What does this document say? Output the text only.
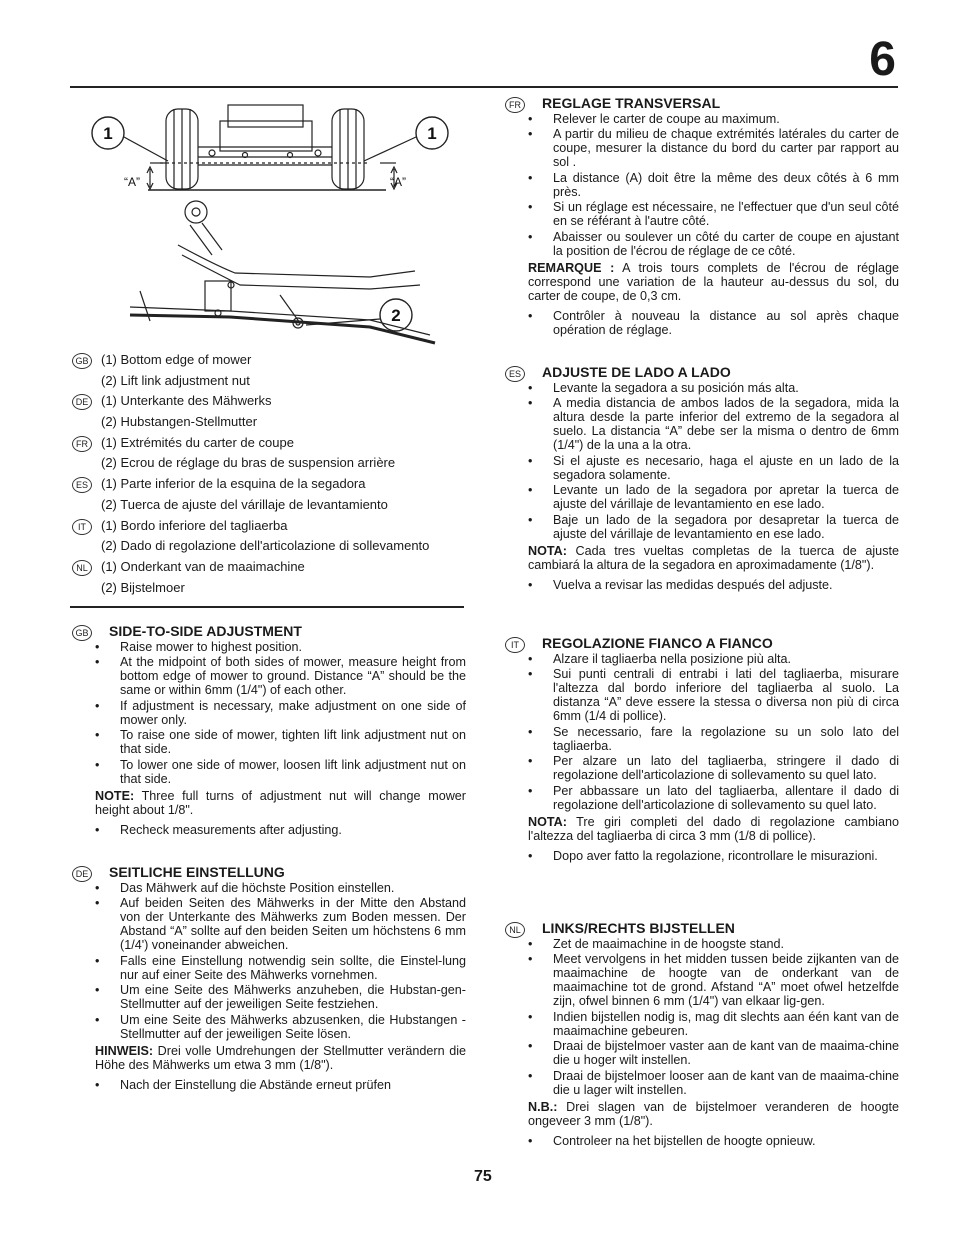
6
1	1
2
“A”	“A”
GB (1) Bottom edge of mower
(2) Lift link adjustment nut
DE (1) Unterkante des Mähwerks
(2) Hubstangen-Stellmutter
FR	(1) Extrémités du carter de coupe
(2) Ecrou de réglage du bras de suspension arrière
ES	(1) Parte inferior de la esquina de la segadora
(2) Tuerca de ajuste del várillaje de levantamiento
IT	(1) Bordo inferiore del tagliaerba
(2) Dado di regolazione dell'articolazione di sollevamento
NL	(1) Onderkant van de maaimachine
(2) Bijstelmoer
GB SIDE-TO-SIDE ADJUSTMENT
• Raise mower to highest position.
• At the midpoint of both sides of mower, measure height from bottom edge of mower to ground. Distance “A” should be the same or within 6mm (1/4") of each other.
• If adjustment is necessary, make adjustment on one side of mower only.
• To raise one side of mower, tighten lift link adjustment nut on that side.
• To lower one side of mower, loosen lift link adjustment nut on that side.
NOTE: Three full turns of adjustment nut will change mower height about 1/8".
• Recheck measurements after adjusting.
DE SEITLICHE EINSTELLUNG
• Das Mähwerk auf die höchste Position einstellen.
• Auf beiden Seiten des Mähwerks in der Mitte den Abstand von der Unterkante des Mähwerks zum Boden messen. Der Abstand “A” sollte auf den beiden Seiten um höchstens 6 mm (1/4') voneinander abweichen.
• Falls eine Einstellung notwendig sein sollte, die Einstel-lung nur auf einer Seite des Mähwerks vornehmen.
• Um eine Seite des Mähwerks anzuheben, die Hubstan-gen-Stellmutter auf der jeweiligen Seite festziehen.
• Um eine Seite des Mähwerks abzusenken, die Hubstangen -Stellmutter auf der jeweiligen Seite lösen.
HINWEIS: Drei volle Umdrehungen der Stellmutter verändern die Höhe des Mähwerks um etwa 3 mm (1/8").
• Nach der Einstellung die Abstände erneut prüfen
FR REGLAGE TRANSVERSAL
• Relever le carter de coupe au maximum.
• A partir du milieu de chaque extrémités latérales du carter de coupe, mesurer la distance du bord du carter par rapport au sol .
• La distance (A) doit être la même des deux côtés à 6 mm près.
• Si un réglage est nécessaire, ne l'effectuer que d'un seul côté en se référant à l'autre côté.
• Abaisser ou soulever un côté du carter de coupe en ajustant la position de l'écrou de réglage de ce côté.
REMARQUE : A trois tours complets de l'écrou de réglage correspond une variation de la hauteur au-dessus du sol, du carter de coupe, de 0,3 cm.
• Contrôler à nouveau la distance au sol après chaque opération de réglage.
ES ADJUSTE DE LADO A LADO
• Levante la segadora a su posición más alta.
• A media distancia de ambos lados de la segadora, mida la altura desde la parte inferior del extremo de la segadora al suelo. La distancia “A” debe ser la misma o dentro de 6mm (1/4") de la una a la otra.
• Si el ajuste es necesario, haga el ajuste en un lado de la segadora solamente.
• Levante un lado de la segadora por apretar la tuerca de ajuste del várillaje de levantamiento en ese lado.
• Baje un lado de la segadora por desapretar la tuerca de ajuste del várillaje de levantamiento en ese lado.
NOTA: Cada tres vueltas completas de la tuerca de ajuste cambiará la altura de la segadora en aproximadamente (1/8").
• Vuelva a revisar las medidas después del adjuste.
IT	REGOLAZIONE FIANCO A FIANCO
• Alzare il tagliaerba nella posizione più alta.
• Sui punti centrali di entrabi i lati del tagliaerba, misurare l'altezza dal bordo inferiore del tagliaerba al suolo. La distanza “A” deve essere la stessa o diversa non più di circa 6mm (1/4 di pollice).
• Se necessario, fare la regolazione su un solo lato del tagliaerba.
• Per alzare un lato del tagliaerba, stringere il dado di regolazione dell'articolazione di sollevamento su quel lato.
• Per abbassare un lato del tagliaerba, allentare il dado di regolazione dell'articolazione di sollevamento su quel lato.
NOTA: Tre giri completi del dado di regolazione cambiano l'altezza del tagliaerba di circa 3 mm (1/8 di pollice).
• Dopo aver fatto la regolazione, ricontrollare le misurazioni.
NL	LINKS/RECHTS BIJSTELLEN
• Zet de maaimachine in de hoogste stand.
• Meet vervolgens in het midden tussen beide zijkanten van de maaimachine de hoogte van de onderkant van de maaimachine tot de grond. Afstand “A” moet ofwel hetzelfde zijn, ofwel binnen 6 mm (1/4") van elkaar lig-gen.
• Indien bijstellen nodig is, mag dit slechts aan één kant van de maaimachine gebeuren.
• Draai de bijstelmoer vaster aan de kant van de maaima-chine die u hoger wilt instellen.
• Draai de bijstelmoer looser aan de kant van de maaima-chine die u lager wilt instellen.
N.B.: Drei slagen van de bijstelmoer veranderen de hoogte ongeveer 3 mm (1/8").
• Controleer na het bijstellen de hoogte opnieuw.
75
